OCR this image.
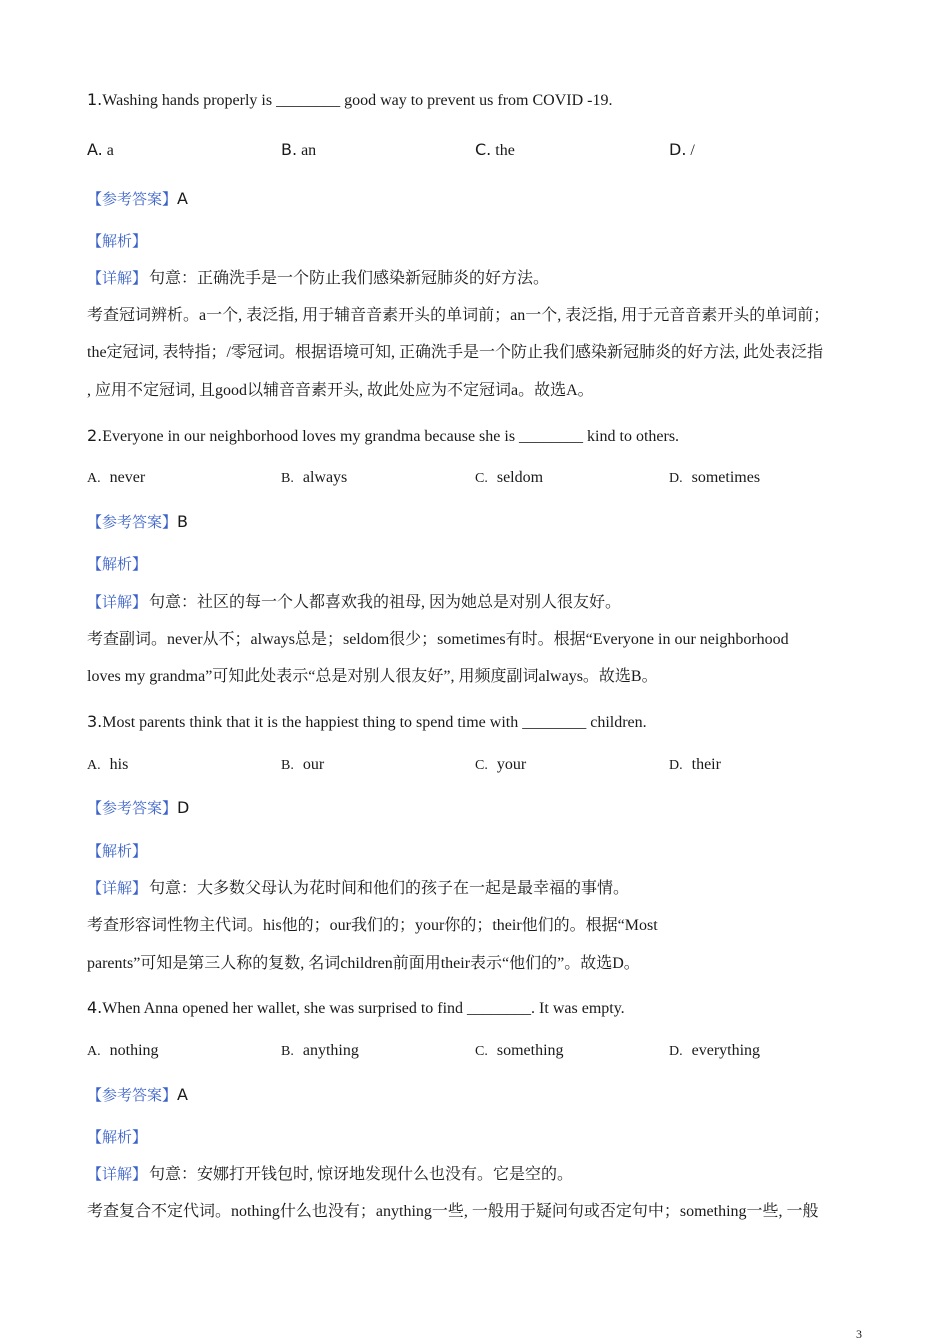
1.Washing hands properly is ________ good way to prevent us from COVID -19.
A. a	B. an	C. the	D. /
【参考答案】A
【解析】
【详解】 句意：正确洗手是一个防止我们感染新冠肺炎的好方法。
考查冠词辨析。a一个, 表泛指, 用于辅音音素开头的单词前；an一个, 表泛指, 用于元音音素开头的单词前；
the定冠词, 表特指；/零冠词。根据语境可知, 正确洗手是一个防止我们感染新冠肺炎的好方法, 此处表泛指
, 应用不定冠词, 且good以辅音音素开头, 故此处应为不定冠词a。故选A。
2.Everyone in our neighborhood loves my grandma because she is ________ kind to others.
A. never	B. always	C. seldom	D. sometimes
【参考答案】B
【解析】
【详解】 句意：社区的每一个人都喜欢我的祖母, 因为她总是对别人很友好。
考查副词。never从不；always总是；seldom很少；sometimes有时。根据“Everyone in our neighborhood
loves my grandma”可知此处表示“总是对别人很友好”, 用频度副词always。故选B。
3.Most parents think that it is the happiest thing to spend time with ________ children.
A. his	B. our	C. your	D. their
【参考答案】D
【解析】
【详解】 句意：大多数父母认为花时间和他们的孩子在一起是最幸福的事情。
考查形容词性物主代词。his他的；our我们的；your你的；their他们的。根据“Most
parents”可知是第三人称的复数, 名词children前面用their表示“他们的”。故选D。
4.When Anna opened her wallet, she was surprised to find ________. It was empty.
A. nothing	B. anything	C. something	D. everything
【参考答案】A
【解析】
【详解】 句意：安娜打开钱包时, 惊讶地发现什么也没有。它是空的。
考查复合不定代词。nothing什么也没有；anything一些, 一般用于疑问句或否定句中；something一些, 一般
3
